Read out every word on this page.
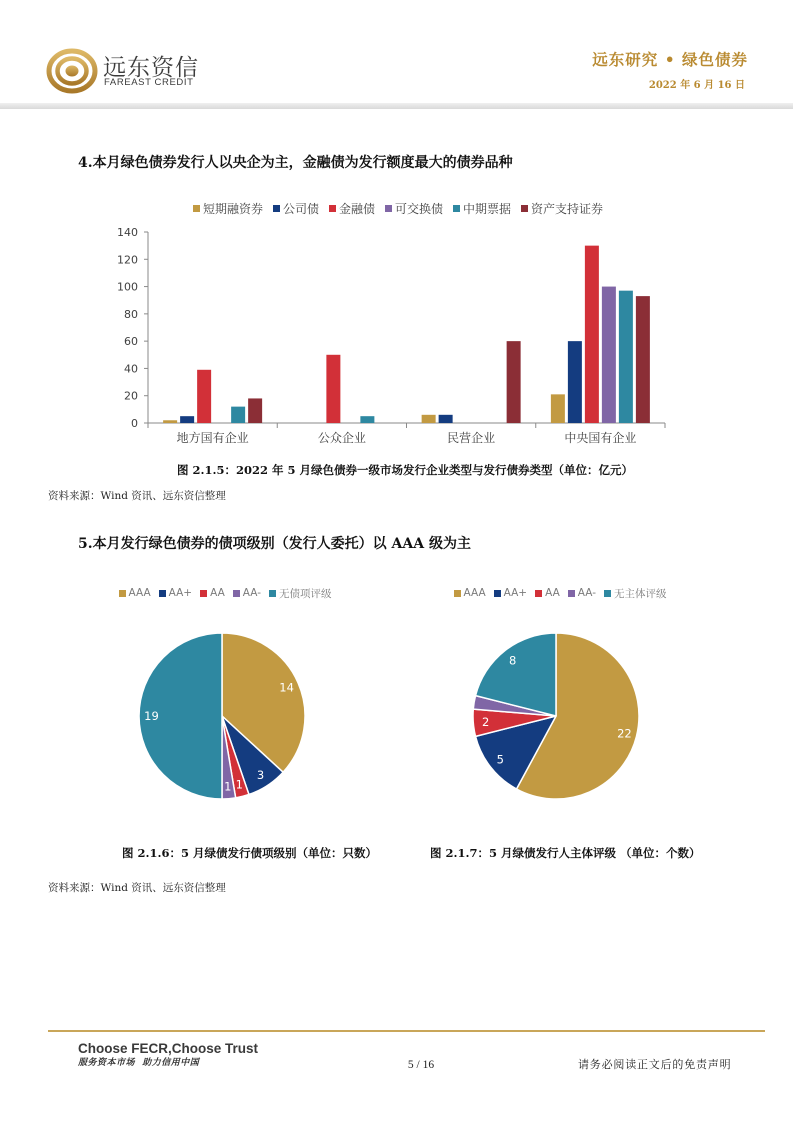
远东资信
FAREAST CREDIT
远东研究 • 绿色债券
2022 年 6 月 16 日
4.本月绿色债券发行人以央企为主，金融债为发行额度最大的债券品种
短期融资券 公司债 金融债 可交换债 中期票据 资产支持证券
0
20
40
60
80
100
120
140
地方国有企业	公众企业	民营企业	中央国有企业
图 2.1.5：2022 年 5 月绿色债券一级市场发行企业类型与发行债券类型（单位：亿元）
资料来源：Wind 资讯、远东资信整理
5.本月发行绿色债券的债项级别（发行人委托）以 AAA 级为主
AAA AA+ AA AA- 无债项评级	AAA AA+ AA AA- 无主体评级
14
3
1
1
19
22
5
2
8
图 2.1.6：5 月绿债发行债项级别（单位：只数）	图 2.1.7：5 月绿债发行人主体评级 （单位：个数）
资料来源：Wind 资讯、远东资信整理
Choose FECR,Choose Trust
服务资本市场  助力信用中国	5 / 16	请务必阅读正文后的免责声明
